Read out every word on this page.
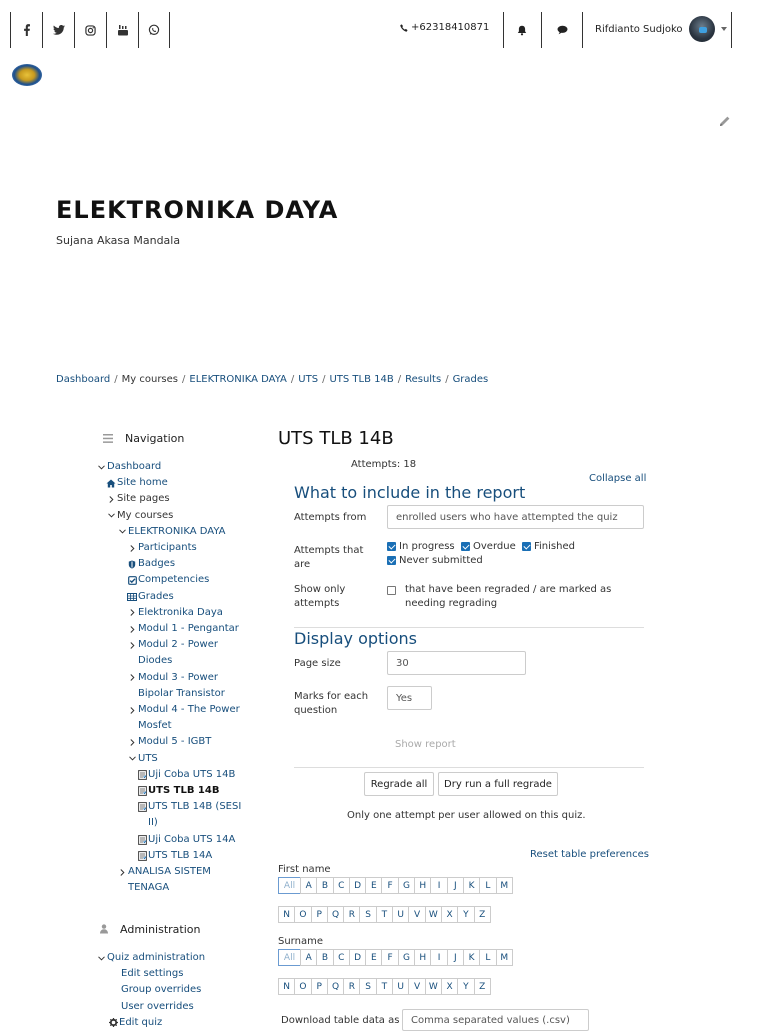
+62318410871	Rifdianto Sudjoko
ELEKTRONIKA DAYA
Sujana Akasa Mandala
Dashboard / My courses / ELEKTRONIKA DAYA / UTS / UTS TLB 14B / Results / Grades
Navigation
Dashboard
Site home
Site pages
My courses
ELEKTRONIKA DAYA
Participants
Badges
Competencies
Grades
Elektronika Daya
Modul 1 - Pengantar
Modul 2 - Power Diodes
Modul 3 - Power Bipolar Transistor
Modul 4 - The Power Mosfet
Modul 5 - IGBT
UTS
Uji Coba UTS 14B
UTS TLB 14B
UTS TLB 14B (SESI II)
Uji Coba UTS 14A
UTS TLB 14A
ANALISA SISTEM TENAGA
Administration
Quiz administration
Edit settings
Group overrides
User overrides
Edit quiz
UTS TLB 14B
Attempts: 18
Collapse all
What to include in the report
Attempts from	enrolled users who have attempted the quiz
Attempts that are
In progress Overdue Finished
Never submitted
Show only attempts
that have been regraded / are marked as needing regrading
Display options
Page size	30
Marks for each question
Yes
Show report
Regrade all	Dry run a full regrade
Only one attempt per user allowed on this quiz.
Reset table preferences
First name
All	A	B	C	D	E	F	G	H	I	J	K	L	M
N	O	P	Q	R	S	T	U	V W X	Y	Z
Surname
All	A	B	C	D	E	F	G	H	I	J	K	L	M
N	O	P	Q	R	S	T	U	V W X	Y	Z
Download table data as Comma separated values (.csv)
